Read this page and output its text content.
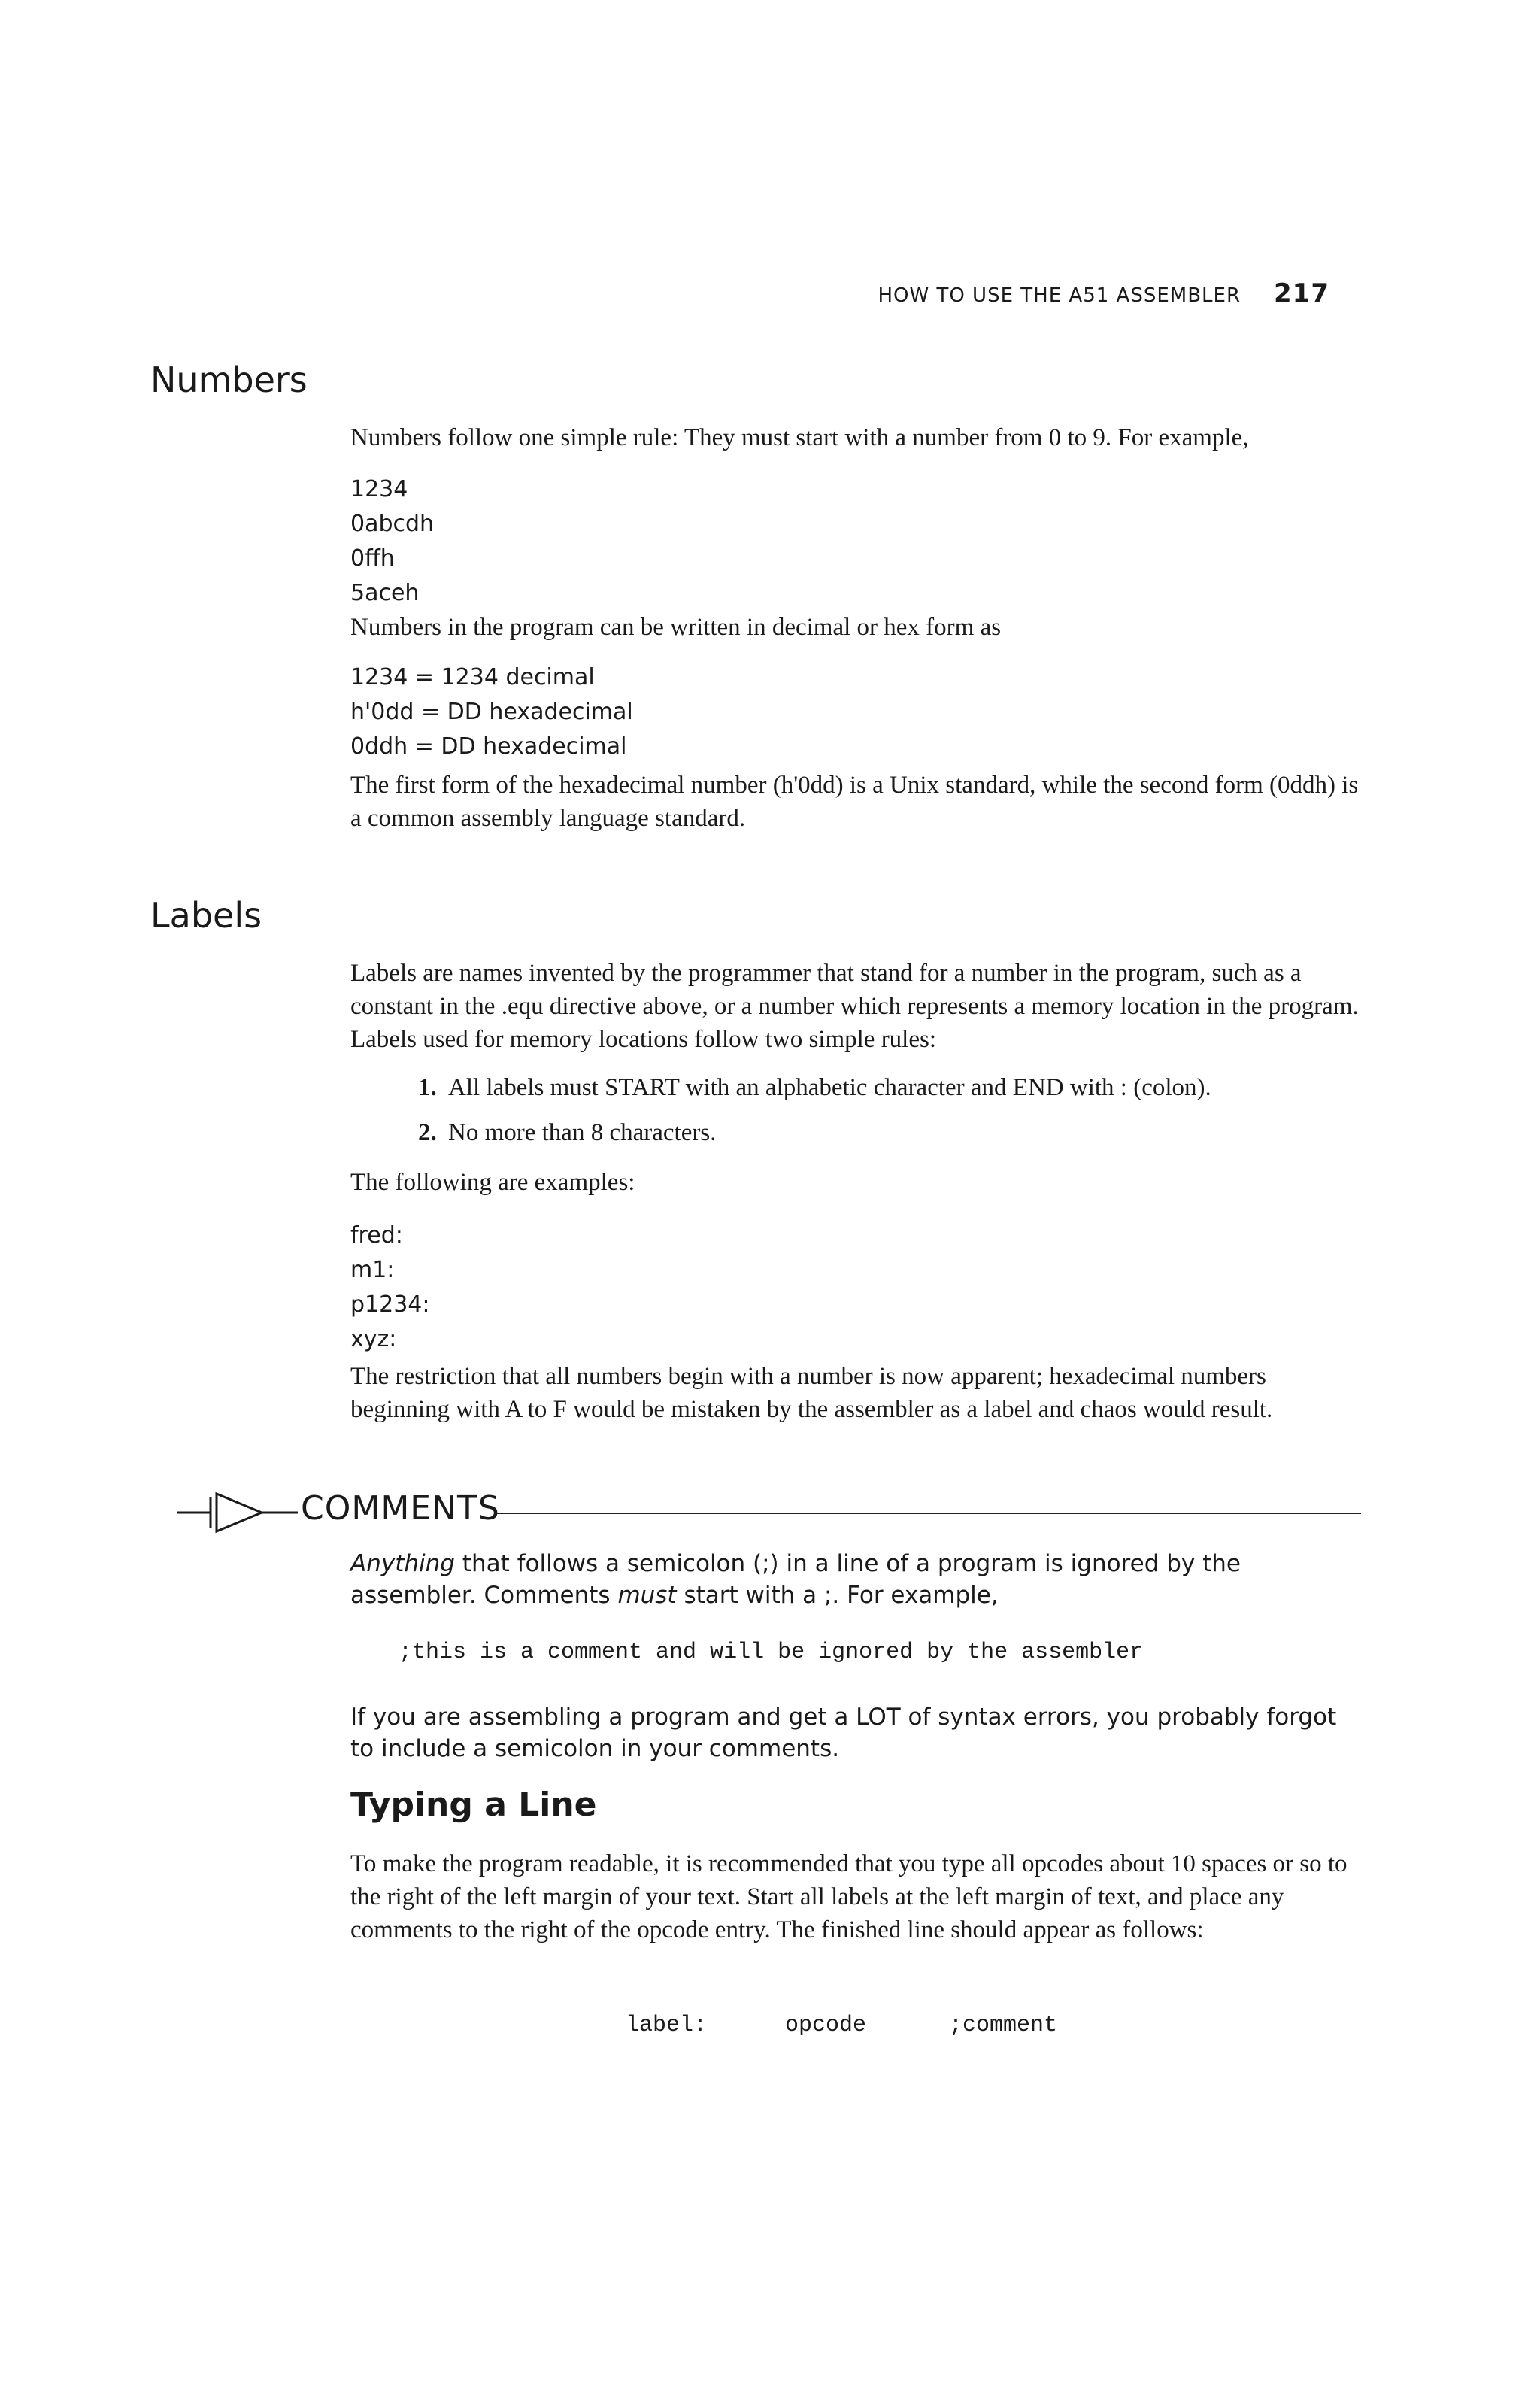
HOW TO USE THE A51 ASSEMBLER 217
Numbers

Numbers follow one simple rule: They must start with a number from 0 to 9. For example,

1234
0abcdh
0ffh
5aceh

Numbers in the program can be written in decimal or hex form as

1234 = 1234 decimal
h'0dd = DD hexadecimal
0ddh = DD hexadecimal

The first form of the hexadecimal number (h'0dd) is a Unix standard, while the second form (0ddh) is a common assembly language standard.

Labels

Labels are names invented by the programmer that stand for a number in the program, such as a constant in the .equ directive above, or a number which represents a memory location in the program. Labels used for memory locations follow two simple rules:

1. All labels must START with an alphabetic character and END with : (colon).
2. No more than 8 characters.

The following are examples:

fred:
m1:
p1234:
xyz:

The restriction that all numbers begin with a number is now apparent; hexadecimal numbers beginning with A to F would be mistaken by the assembler as a label and chaos would result.

COMMENTS

Anything that follows a semicolon (;) in a line of a program is ignored by the assembler. Comments must start with a ;. For example,

;this is a comment and will be ignored by the assembler

If you are assembling a program and get a LOT of syntax errors, you probably forgot to include a semicolon in your comments.

Typing a Line

To make the program readable, it is recommended that you type all opcodes about 10 spaces or so to the right of the left margin of your text. Start all labels at the left margin of text, and place any comments to the right of the opcode entry. The finished line should appear as follows:

label:	opcode	;comment
